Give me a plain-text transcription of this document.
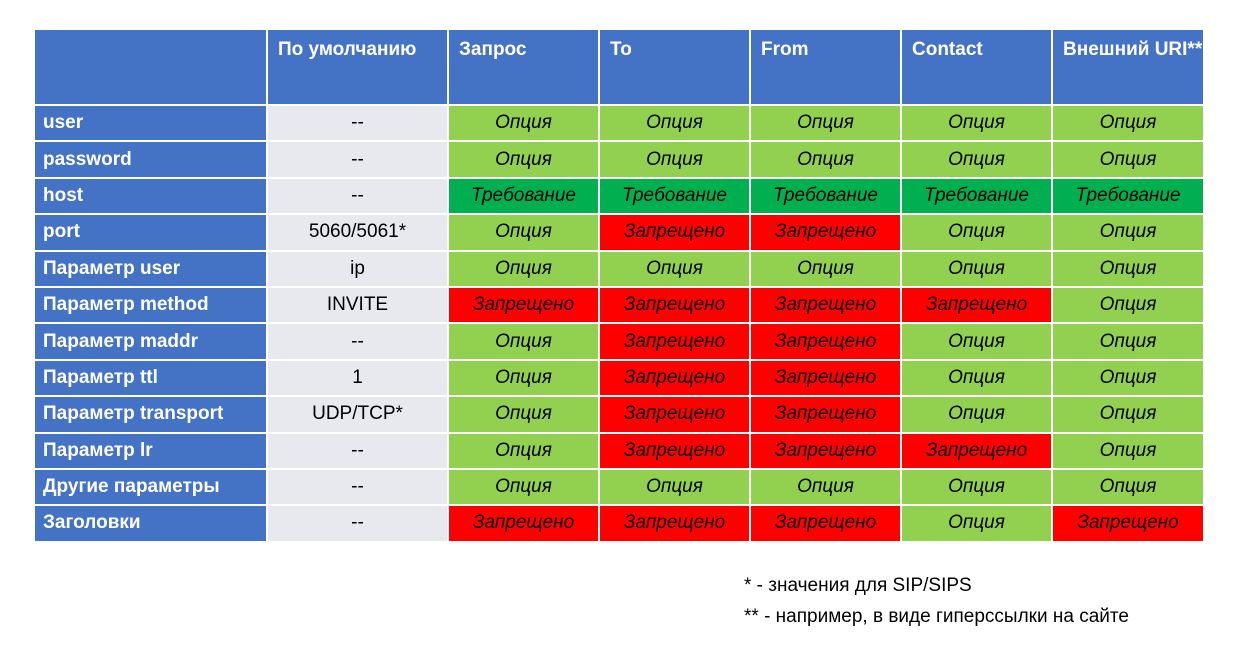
	По умолчанию	Запрос	To	From	Contact	Внешний URI**
user	--	Опция	Опция	Опция	Опция	Опция
password	--	Опция	Опция	Опция	Опция	Опция
host	--	Требование	Требование	Требование	Требование	Требование
port	5060/5061*	Опция	Запрещено	Запрещено	Опция	Опция
Параметр user	ip	Опция	Опция	Опция	Опция	Опция
Параметр method	INVITE	Запрещено	Запрещено	Запрещено	Запрещено	Опция
Параметр maddr	--	Опция	Запрещено	Запрещено	Опция	Опция
Параметр ttl	1	Опция	Запрещено	Запрещено	Опция	Опция
Параметр transport	UDP/TCP*	Опция	Запрещено	Запрещено	Опция	Опция
Параметр lr	--	Опция	Запрещено	Запрещено	Запрещено	Опция
Другие параметры	--	Опция	Опция	Опция	Опция	Опция
Заголовки	--	Запрещено	Запрещено	Запрещено	Опция	Запрещено
* - значения для SIP/SIPS
** - например, в виде гиперссылки на сайте
